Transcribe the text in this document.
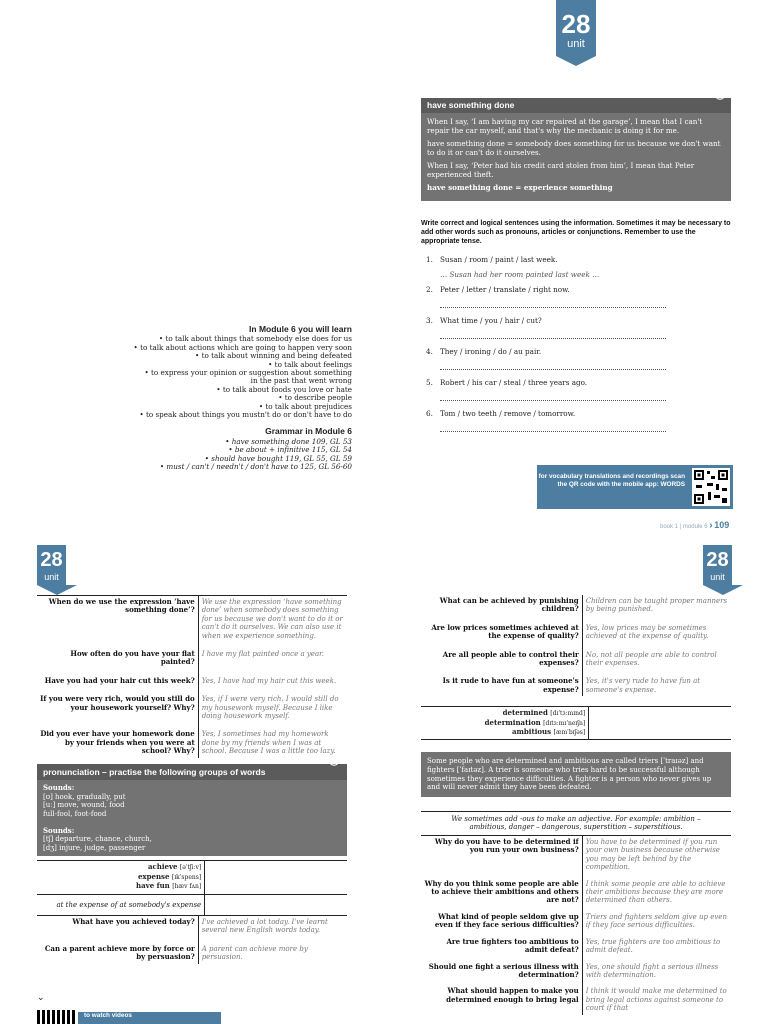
28
unit
have something done	︶

When I say, ‘I am having my car repaired at the garage’, I mean that I can't repair the car myself, and that's why the mechanic is doing it for me.

have something done = somebody does something for us because we don't want to do it or can't do it ourselves.

When I say, ‘Peter had his credit card stolen from him’, I mean that Peter experienced theft.

have something done = experience something

Write correct and logical sentences using the information. Sometimes it may be necessary to add other words such as pronouns, articles or conjunctions. Remember to use the appropriate tense.
1. Susan / room / paint / last week.
… Susan had her room painted last week …
2. Peter / letter / translate / right now.
3. What time / you / hair / cut?
4. They / ironing / do / au pair.
5. Robert / his car / steal / three years ago.
6. Tom / two teeth / remove / tomorrow.
In Module 6 you will learn
• to talk about things that somebody else does for us
• to talk about actions which are going to happen very soon
• to talk about winning and being defeated
• to talk about feelings
• to express your opinion or suggestion about something
in the past that went wrong
• to talk about foods you love or hate
• to describe people
• to talk about prejudices
• to speak about things you mustn't do or don't have to do
Grammar in Module 6
• have something done 109, GL 53
• be about + infinitive 115, GL 54
• should have bought 119, GL 55, GL 59
• must / can't / needn't / don't have to 125, GL 56-60
for vocabulary translations and recordings scan the QR code with the mobile app: WORDS
book 1 | module 6 › 109
28
unit
28
unit
When do we use the expression ‘have something done’?	We use the expression ‘have something done’ when somebody does something for us because we don't want to do it or can't do it ourselves. We can also use it when we experience something.
How often do you have your flat painted?	I have my flat painted once a year.
Have you had your hair cut this week?	Yes, I have had my hair cut this week.
If you were very rich, would you still do your housework yourself? Why?	Yes, if I were very rich, I would still do my housework myself. Because I like doing housework myself.
Did you ever have your homework done by your friends when you were at school? Why?	Yes, I sometimes had my homework done by my friends when I was at school. Because I was a little too lazy.
pronunciation – practise the following groups of words	︶
Sounds:
[ʊ] hook, gradually, put
[uː] move, wound, food
full-fool, foot-food
Sounds:
[tʃ] departure, chance, church,
[dʒ] injure, judge, passenger
achieve [əˈtʃiːv]
expense [ɪkˈspens]
have fun [hæv fʌn]
at the expense of at somebody's expense
What have you achieved today?	I've achieved a lot today. I've learnt several new English words today.
Can a parent achieve more by force or by persuasion?	A parent can achieve more by persuasion.
⌄
to watch videos
What can be achieved by punishing children?	Children can be taught proper manners by being punished.
Are low prices sometimes achieved at the expense of quality?	Yes, low prices may be sometimes achieved at the expense of quality.
Are all people able to control their expenses?	No, not all people are able to control their expenses.
Is it rude to have fun at someone's expense?	Yes, it's very rude to have fun at someone's expense.
determined [dɪˈtɜːmɪnd]
determination [dɪtɜːmɪˈneɪʃn]
ambitious [æmˈbɪʃəs]
Some people who are determined and ambitious are called triers [ˈtraɪəz] and fighters [ˈfaɪtəz]. A trier is someone who tries hard to be successful although sometimes they experience difficulties. A fighter is a person who never gives up and will never admit they have been defeated.
We sometimes add -ous to make an adjective. For example: ambition – ambitious, danger – dangerous, superstition – superstitious.
Why do you have to be determined if you run your own business?	You have to be determined if you run your own business because otherwise you may be left behind by the competition.
Why do you think some people are able to achieve their ambitions and others are not?	I think some people are able to achieve their ambitions because they are more determined than others.
What kind of people seldom give up even if they face serious difficulties?	Triers and fighters seldom give up even if they face serious difficulties.
Are true fighters too ambitious to admit defeat?	Yes, true fighters are too ambitious to admit defeat.
Should one fight a serious illness with determination?	Yes, one should fight a serious illness with determination.
What should happen to make you determined enough to bring legal	I think it would make me determined to bring legal actions against someone to court if that
